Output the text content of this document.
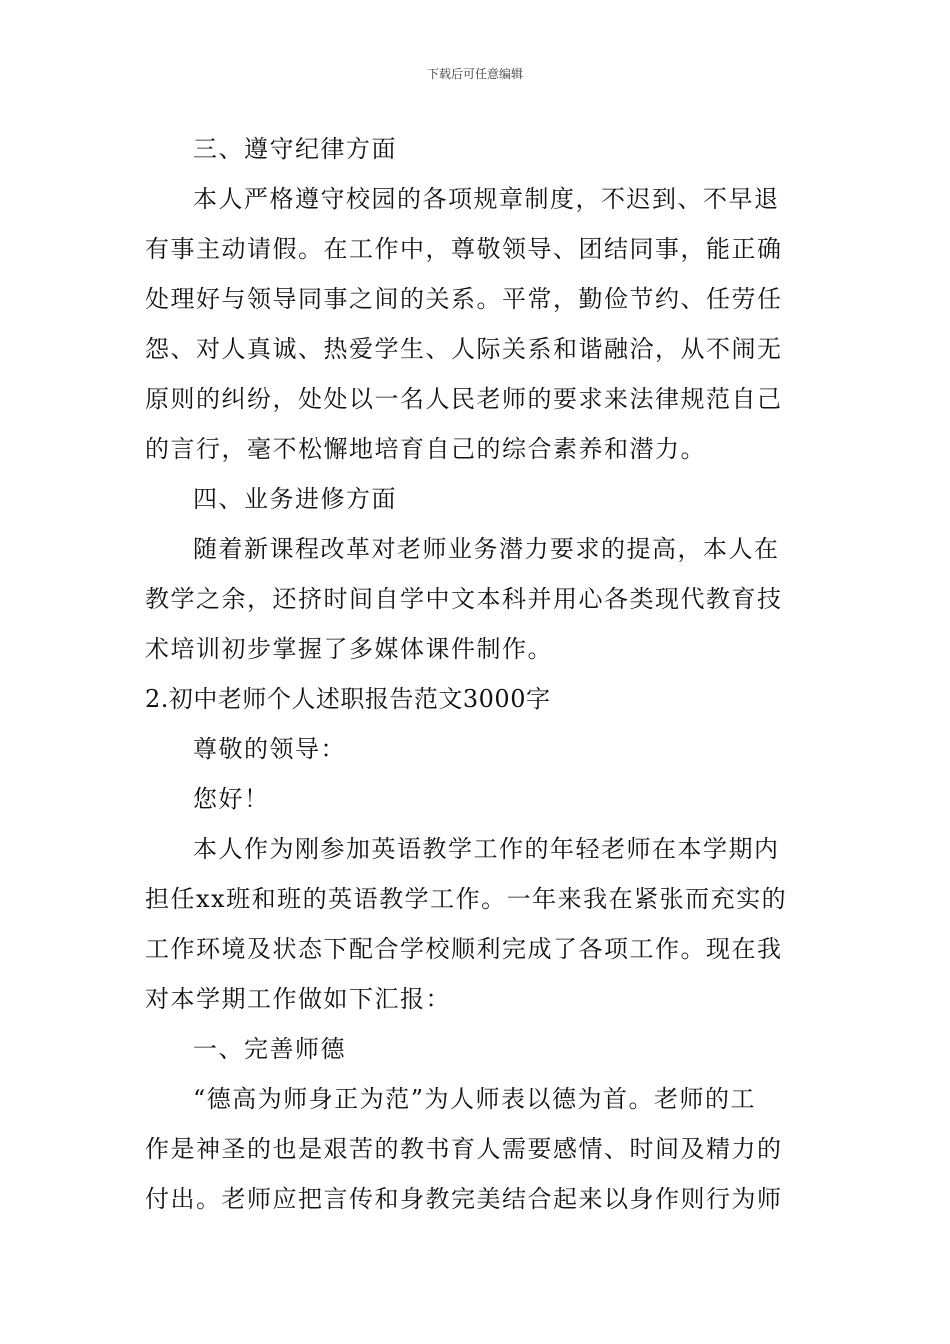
下载后可任意编辑
三、遵守纪律方面
本人严格遵守校园的各项规章制度，不迟到、不早退
有事主动请假。在工作中，尊敬领导、团结同事，能正确
处理好与领导同事之间的关系。平常，勤俭节约、任劳任
怨、对人真诚、热爱学生、人际关系和谐融洽，从不闹无
原则的纠纷，处处以一名人民老师的要求来法律规范自己
的言行，毫不松懈地培育自己的综合素养和潜力。
四、业务进修方面
随着新课程改革对老师业务潜力要求的提高，本人在
教学之余，还挤时间自学中文本科并用心各类现代教育技
术培训初步掌握了多媒体课件制作。
2.初中老师个人述职报告范文3000字
尊敬的领导：
您好！
本人作为刚参加英语教学工作的年轻老师在本学期内
担任xx班和班的英语教学工作。一年来我在紧张而充实的
工作环境及状态下配合学校顺利完成了各项工作。现在我
对本学期工作做如下汇报：
一、完善师德
“德高为师身正为范”为人师表以德为首。老师的工
作是神圣的也是艰苦的教书育人需要感情、时间及精力的
付出。老师应把言传和身教完美结合起来以身作则行为师
